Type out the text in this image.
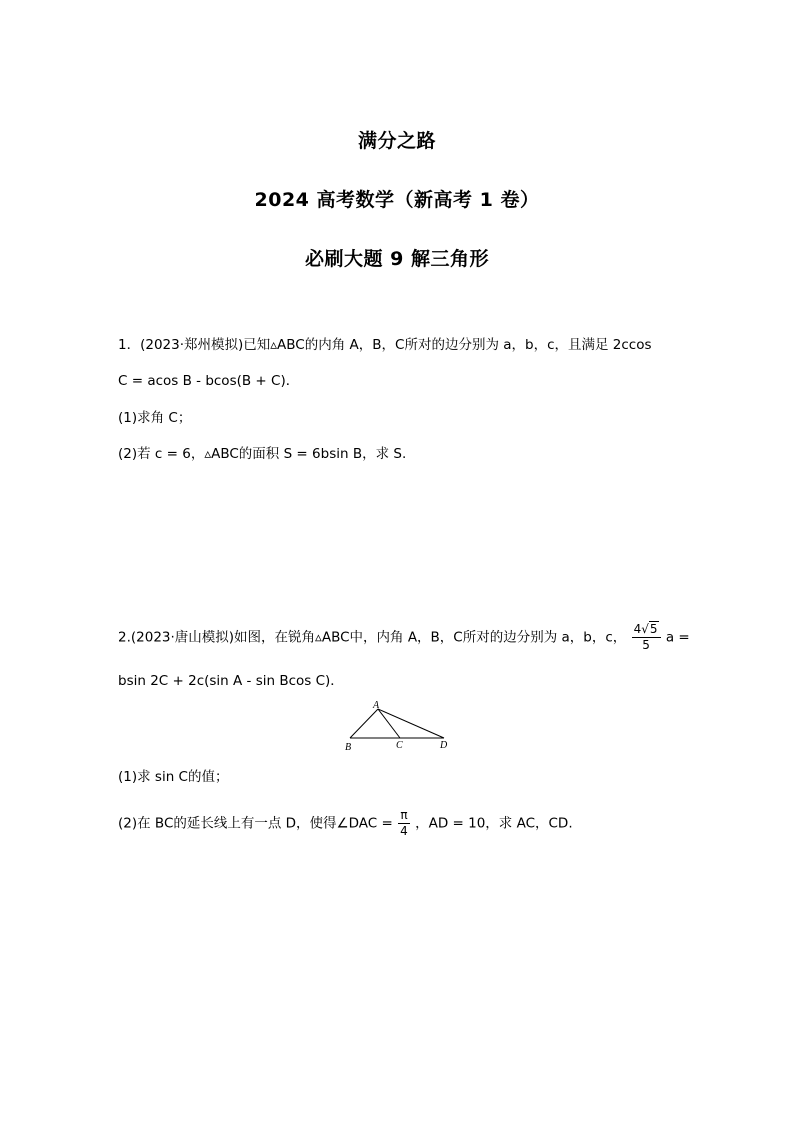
满分之路
2024 高考数学（新高考 1 卷）
必刷大题 9 解三角形
1．(2023·郑州模拟)已知▵ABC的内角 A，B，C所对的边分别为 a，b，c，且满足 2ccos
C = acos B - bcos(B + C)．
(1)求角 C；
(2)若 c = 6，▵ABC的面积 S = 6bsin B，求 S.
2.(2023·唐山模拟)如图，在锐角▵ABC中，内角 A，B，C所对的边分别为 a，b，c， $\frac{4√5}{5}$ a =
bsin 2C + 2c(sin A - sin Bcos C)．
A
B	C	D
(1)求 sin C的值；
(2)在 BC的延长线上有一点 D，使得∠DAC = $\frac{\pi}{4}$ ，AD = 10，求 AC，CD.
